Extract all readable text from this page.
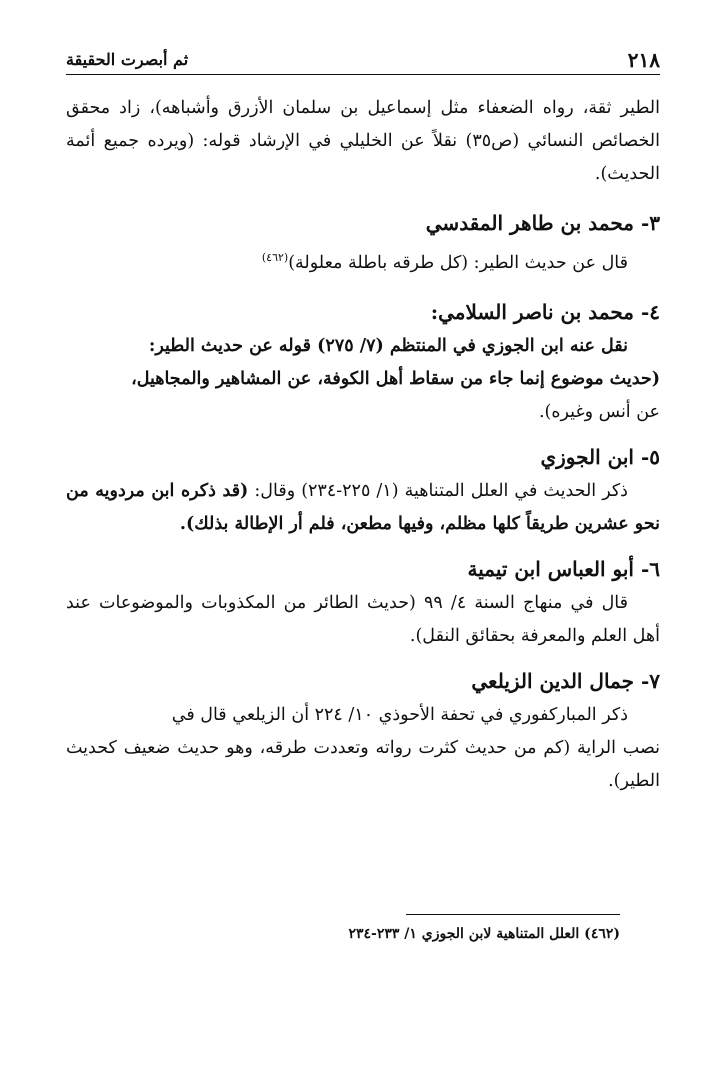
٢١٨
ثم أبصرت الحقيقة

الطير ثقة، رواه الضعفاء مثل إسماعيل بن سلمان الأزرق وأشباهه)، زاد محقق الخصائص النسائي (ص٣٥) نقلاً عن الخليلي في الإرشاد قوله: (ويرده جميع أئمة الحديث).

٣- محمد بن طاهر المقدسي

قال عن حديث الطير: (كل طرقه باطلة معلولة)$^{(٤٦٢)}$

٤- محمد بن ناصر السلامي:

نقل عنه ابن الجوزي في المنتظم (٧/ ٢٧٥) قوله عن حديث الطير:

(حديث موضوع إنما جاء من سقاط أهل الكوفة، عن المشاهير والمجاهيل،

عن أنس وغيره).

٥- ابن الجوزي

ذكر الحديث في العلل المتناهية (١/ ٢٢٥-٢٣٤) وقال: (قد ذكره ابن مردويه من نحو عشرين طريقاً كلها مظلم، وفيها مطعن، فلم أر الإطالة بذلك).

٦- أبو العباس ابن تيمية

قال في منهاج السنة ٤/ ٩٩ (حديث الطائر من المكذوبات والموضوعات عند أهل العلم والمعرفة بحقائق النقل).

٧- جمال الدين الزيلعي

ذكر المباركفوري في تحفة الأحوذي ١٠/ ٢٢٤ أن الزيلعي قال في

نصب الراية (كم من حديث كثرت رواته وتعددت طرقه، وهو حديث ضعيف كحديث الطير).

(٤٦٢) العلل المتناهية لابن الجوزي ١/ ٢٣٣-٢٣٤
